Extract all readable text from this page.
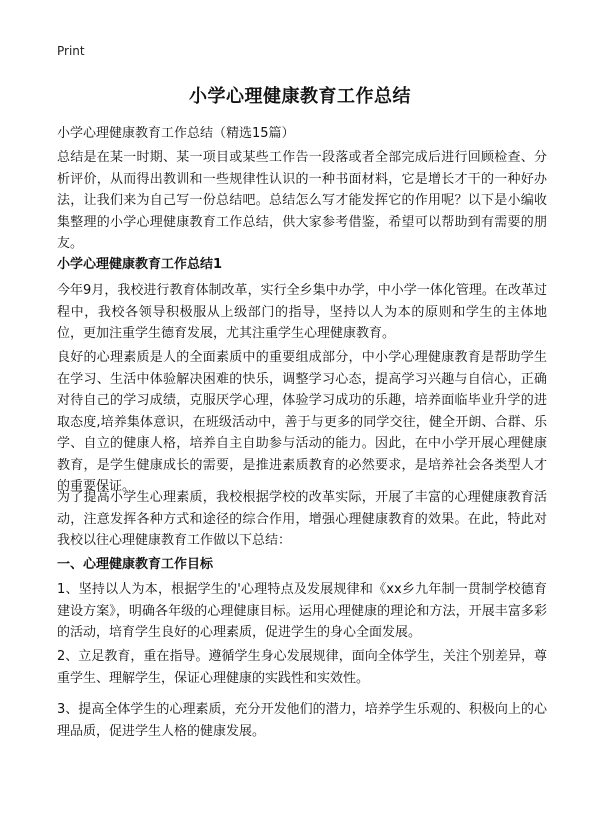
Print
小学心理健康教育工作总结
小学心理健康教育工作总结（精选15篇）

总结是在某一时期、某一项目或某些工作告一段落或者全部完成后进行回顾检查、分析评价，从而得出教训和一些规律性认识的一种书面材料，它是增长才干的一种好办法，让我们来为自己写一份总结吧。总结怎么写才能发挥它的作用呢？以下是小编收集整理的小学心理健康教育工作总结，供大家参考借鉴，希望可以帮助到有需要的朋友。

小学心理健康教育工作总结1

今年9月，我校进行教育体制改革，实行全乡集中办学，中小学一体化管理。在改革过程中，我校各领导积极服从上级部门的指导，坚持以人为本的原则和学生的主体地位，更加注重学生德育发展，尤其注重学生心理健康教育。

良好的心理素质是人的全面素质中的重要组成部分，中小学心理健康教育是帮助学生在学习、生活中体验解决困难的快乐，调整学习心态，提高学习兴趣与自信心，正确对待自己的学习成绩，克服厌学心理，体验学习成功的乐趣，培养面临毕业升学的进取态度,培养集体意识，在班级活动中，善于与更多的同学交往，健全开朗、合群、乐学、自立的健康人格，培养自主自助参与活动的能力。因此，在中小学开展心理健康教育，是学生健康成长的需要，是推进素质教育的必然要求，是培养社会各类型人才的重要保证。

为了提高小学生心理素质，我校根据学校的改革实际，开展了丰富的心理健康教育活动，注意发挥各种方式和途径的综合作用，增强心理健康教育的效果。在此，特此对我校以往心理健康教育工作做以下总结：

一、心理健康教育工作目标

1、坚持以人为本，根据学生的'心理特点及发展规律和《xx乡九年制一贯制学校德育建设方案》，明确各年级的心理健康目标。运用心理健康的理论和方法，开展丰富多彩的活动，培育学生良好的心理素质，促进学生的身心全面发展。

2、立足教育，重在指导。遵循学生身心发展规律，面向全体学生，关注个别差异，尊重学生、理解学生，保证心理健康的实践性和实效性。

3、提高全体学生的心理素质，充分开发他们的潜力，培养学生乐观的、积极向上的心理品质，促进学生人格的健康发展。
